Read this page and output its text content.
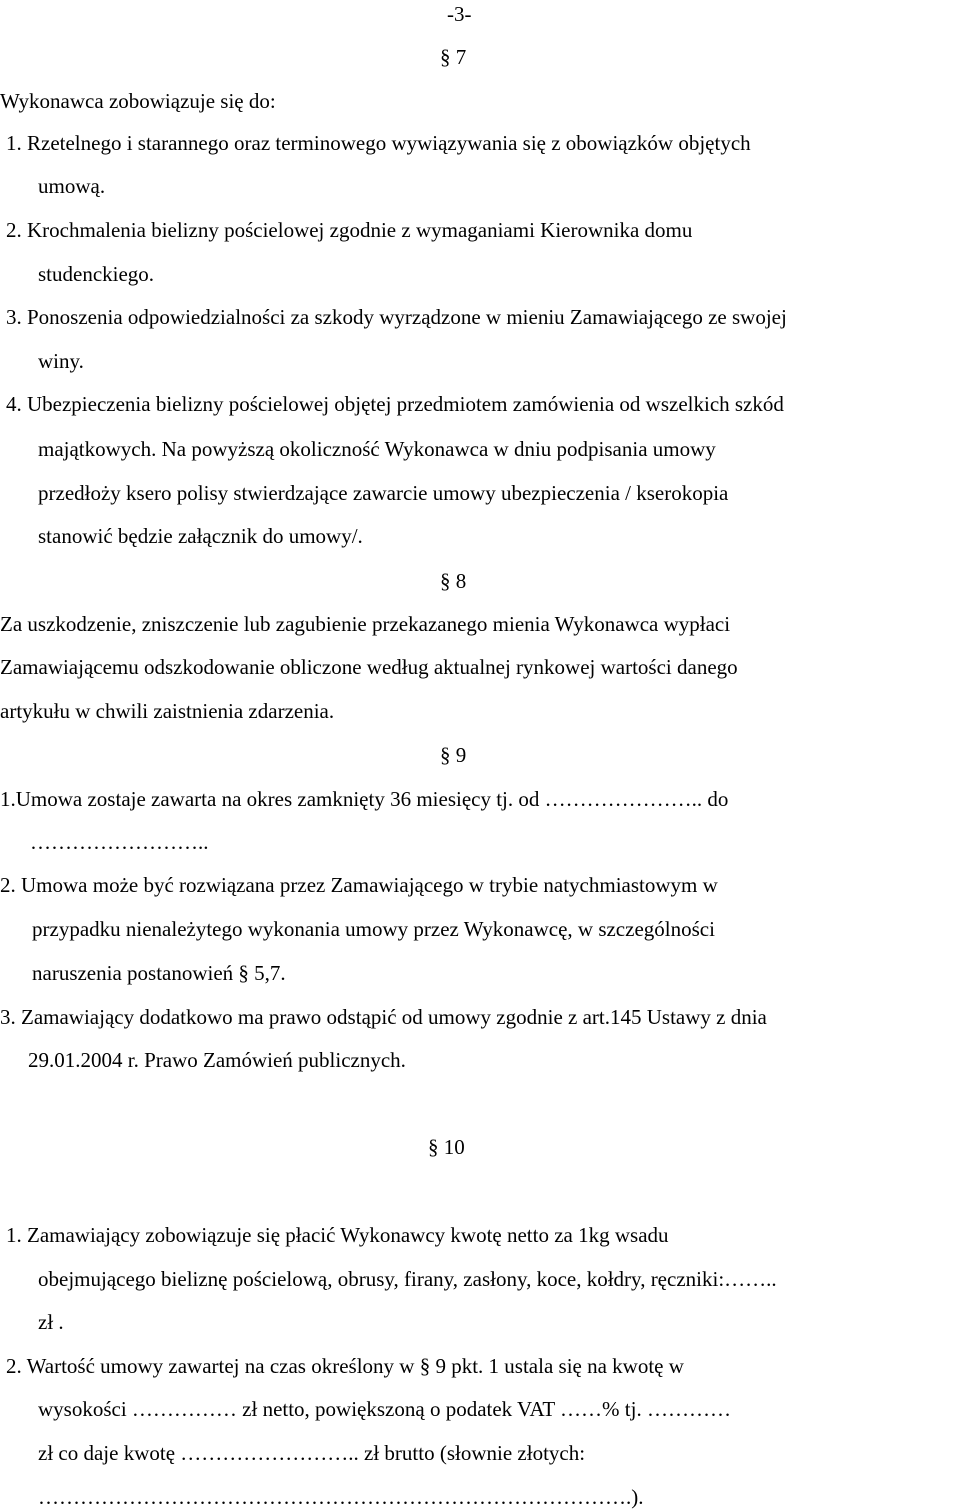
-3-
§ 7
Wykonawca zobowiązuje się do:
1. Rzetelnego i starannego oraz terminowego wywiązywania się z obowiązków objętych
umową.
2. Krochmalenia bielizny pościelowej zgodnie z wymaganiami Kierownika domu
studenckiego.
3. Ponoszenia odpowiedzialności za szkody wyrządzone w mieniu Zamawiającego ze swojej
winy.
4. Ubezpieczenia bielizny pościelowej objętej przedmiotem zamówienia od wszelkich szkód
majątkowych. Na powyższą okoliczność Wykonawca w dniu podpisania umowy
przedłoży ksero polisy stwierdzające zawarcie umowy ubezpieczenia / kserokopia
stanowić będzie załącznik do umowy/.
§ 8
Za uszkodzenie, zniszczenie lub zagubienie przekazanego mienia Wykonawca wypłaci
Zamawiającemu odszkodowanie obliczone według aktualnej rynkowej wartości danego
artykułu w chwili zaistnienia zdarzenia.
§ 9
1.Umowa zostaje zawarta na okres zamknięty 36 miesięcy tj. od ………………….. do
……………………..
2. Umowa może być rozwiązana przez Zamawiającego w trybie natychmiastowym w
przypadku nienależytego wykonania umowy przez Wykonawcę, w szczególności
naruszenia postanowień § 5,7.
3. Zamawiający dodatkowo ma prawo odstąpić od umowy zgodnie z art.145 Ustawy z dnia
29.01.2004 r. Prawo Zamówień publicznych.
§ 10
1. Zamawiający zobowiązuje się płacić Wykonawcy kwotę netto za 1kg wsadu
obejmującego bieliznę pościelową, obrusy, firany, zasłony, koce, kołdry, ręczniki:……..
zł .
2. Wartość umowy zawartej na czas określony w § 9 pkt. 1 ustala się na kwotę w
wysokości …………… zł netto, powiększoną o podatek VAT ……% tj. …………
zł co daje kwotę …………………….. zł brutto (słownie złotych:
………………………………………………………………………….).
